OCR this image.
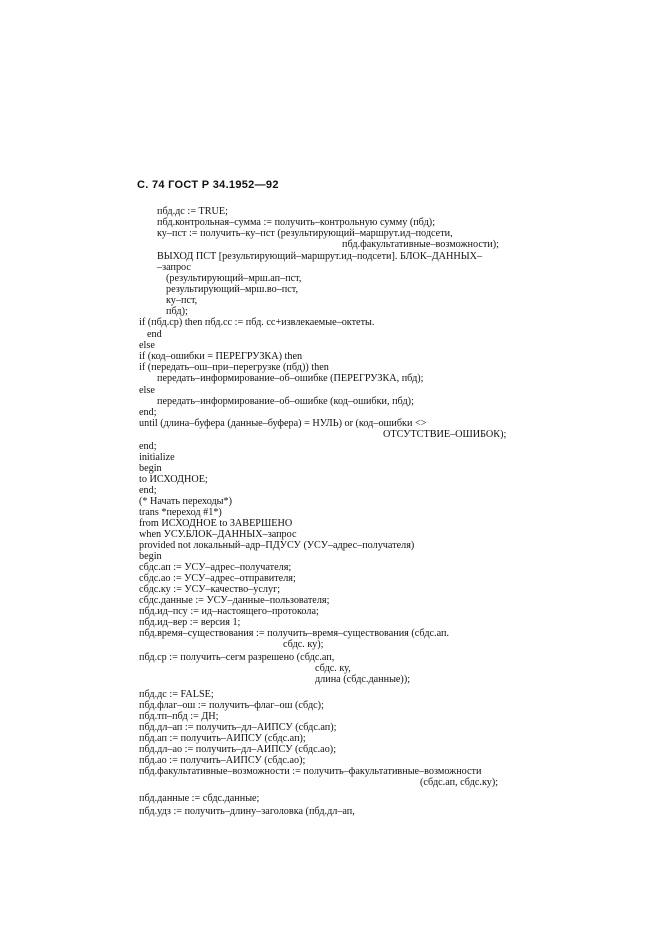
С. 74 ГОСТ Р 34.1952—92
пбд.дс := TRUE;
пбд.контрольная–сумма := получить–контрольную сумму (пбд);
ку–пст := получить–ку–пст (результирующий–маршрут.ид–подсети,
пбд.факультативные–возможности);
ВЫХОД ПСТ [результирующий–маршрут.ид–подсети]. БЛОК–ДАННЫХ–
–запрос
(результирующий–мрш.ап–пст,
результирующий–мрш.во–пст,
ку–пст,
пбд);
if (пбд.ср) then пбд.сс := пбд. сс+извлекаемые–октеты.
end
else
if (код–ошибки = ПЕРЕГРУЗКА) then
if (передать–ош–при–перегрузке (пбд)) then
передать–информирование–об–ошибке (ПЕРЕГРУЗКА, пбд);
else
передать–информирование–об–ошибке (код–ошибки, пбд);
end;
until (длина–буфера (данные–буфера) = НУЛЬ) or (код–ошибки <>
ОТСУТСТВИЕ–ОШИБОК);
end;
initialize
begin
to ИСХОДНОЕ;
end;
(* Начать переходы*)
trans *переход #1*)
from ИСХОДНОЕ to ЗАВЕРШЕНО
when УСУ.БЛОК–ДАННЫХ–запрос
provided not локальный–адр–ПДУСУ (УСУ–адрес–получателя)
begin
сбдс.ап := УСУ–адрес–получателя;
сбдс.ао := УСУ–адрес–отправителя;
сбдс.ку := УСУ–качество–услуг;
сбдс.данные := УСУ–данные–пользователя;
пбд.ид–псу := ид–настоящего–протокола;
пбд.ид–вер := версия 1;
пбд.время–существования := получить–время–существования (сбдс.ап.
сбдс. ку);
пбд.ср := получить–сегм разрешено (сбдс.ап,
сбдс. ку,
длина (сбдс.данные));
пбд.дс := FALSE;
пбд.флаг–ош := получить–флаг–ош (сбдс);
пбд.тп–пбд := ДН;
пбд.дл–ап := получить–дл–АИПСУ (сбдс.ап);
пбд.ап := получить–АИПСУ (сбдс.ап);
пбд.дл–ао := получить–дл–АИПСУ (сбдс.ао);
пбд.ао := получить–АИПСУ (сбдс.ао);
пбд.факультативные–возможности := получить–факультативные–возможности
(сбдс.ап, сбдс.ку);
пбд.данные := сбдс.данные;
пбд.удз := получить–длину–заголовка (пбд.дл–ап,
